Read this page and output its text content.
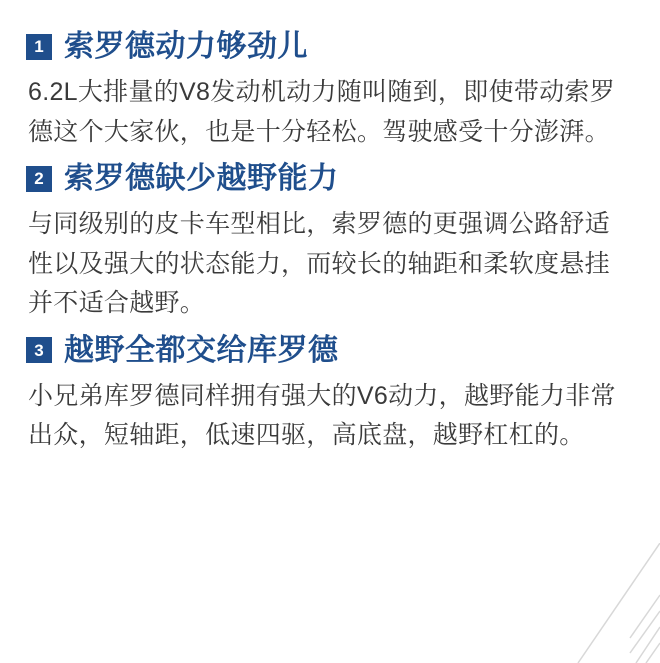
1 索罗德动力够劲儿

6.2L大排量的V8发动机动力随叫随到，即使带动索罗德这个大家伙，也是十分轻松。驾驶感受十分澎湃。

2 索罗德缺少越野能力

与同级别的皮卡车型相比，索罗德的更强调公路舒适性以及强大的状态能力，而较长的轴距和柔软度悬挂并不适合越野。

3 越野全都交给库罗德

小兄弟库罗德同样拥有强大的V6动力，越野能力非常出众，短轴距，低速四驱，高底盘，越野杠杠的。
